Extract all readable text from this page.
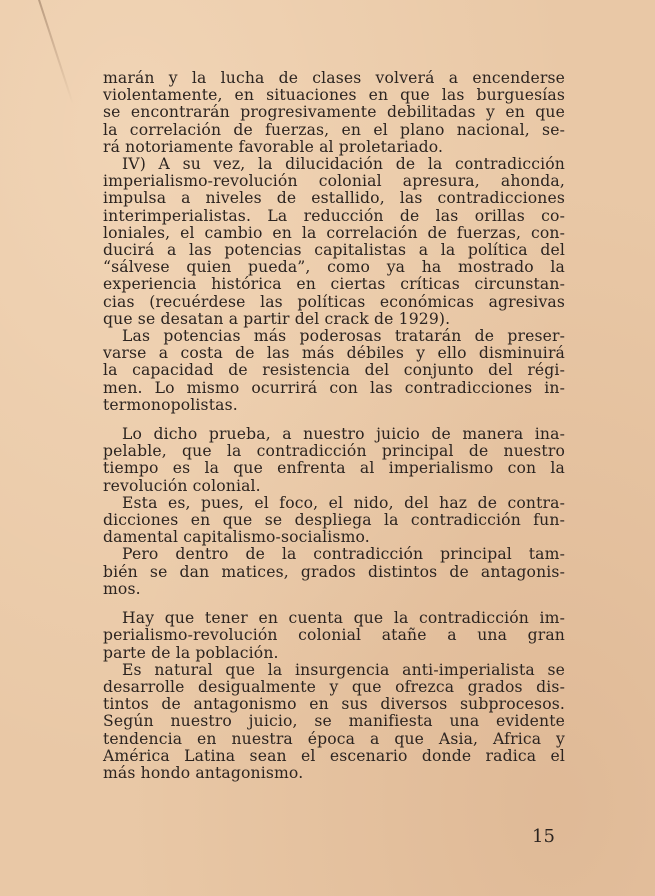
marán y la lucha de clases volverá a encenderse
violentamente, en situaciones en que las burguesías
se encontrarán progresivamente debilitadas y en que
la correlación de fuerzas, en el plano nacional, se-
rá notoriamente favorable al proletariado.
IV) A su vez, la dilucidación de la contradicción
imperialismo-revolución colonial apresura, ahonda,
impulsa a niveles de estallido, las contradicciones
interimperialistas. La reducción de las orillas co-
loniales, el cambio en la correlación de fuerzas, con-
ducirá a las potencias capitalistas a la política del
“sálvese quien pueda”, como ya ha mostrado la
experiencia histórica en ciertas críticas circunstan-
cias (recuérdese las políticas económicas agresivas
que se desatan a partir del crack de 1929).
Las potencias más poderosas tratarán de preser-
varse a costa de las más débiles y ello disminuirá
la capacidad de resistencia del conjunto del régi-
men. Lo mismo ocurrirá con las contradicciones in-
termonopolistas.
Lo dicho prueba, a nuestro juicio de manera ina-
pelable, que la contradicción principal de nuestro
tiempo es la que enfrenta al imperialismo con la
revolución colonial.
Esta es, pues, el foco, el nido, del haz de contra-
dicciones en que se despliega la contradicción fun-
damental capitalismo-socialismo.
Pero dentro de la contradicción principal tam-
bién se dan matices, grados distintos de antagonis-
mos.
Hay que tener en cuenta que la contradicción im-
perialismo-revolución colonial atañe a una gran
parte de la población.
Es natural que la insurgencia anti-imperialista se
desarrolle desigualmente y que ofrezca grados dis-
tintos de antagonismo en sus diversos subprocesos.
Según nuestro juicio, se manifiesta una evidente
tendencia en nuestra época a que Asia, Africa y
América Latina sean el escenario donde radica el
más hondo antagonismo.
15
